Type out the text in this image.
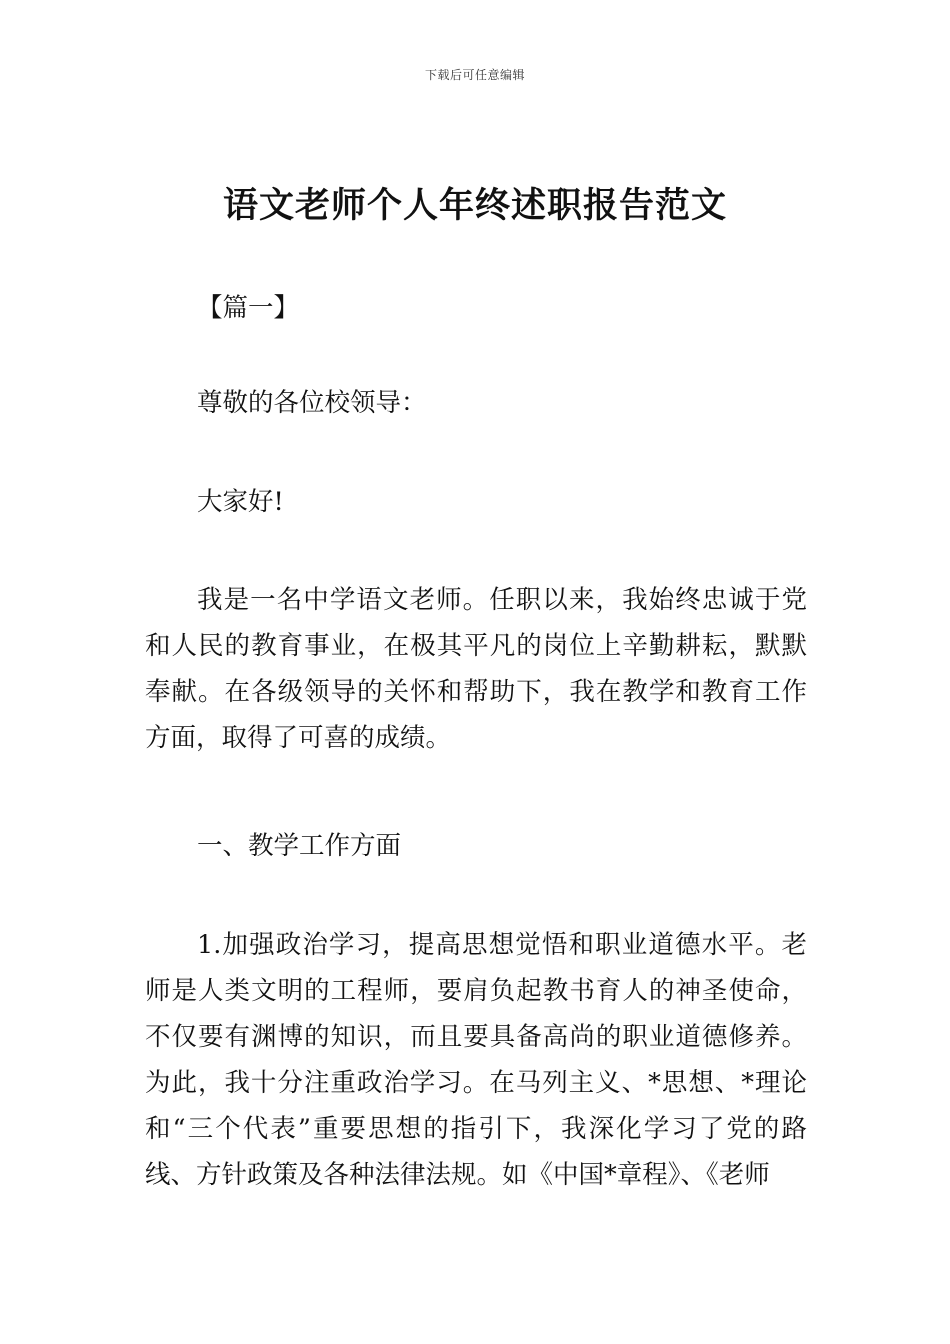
下载后可任意编辑
语文老师个人年终述职报告范文

【篇一】

尊敬的各位校领导：

大家好!

我是一名中学语文老师。任职以来，我始终忠诚于党和人民的教育事业，在极其平凡的岗位上辛勤耕耘，默默奉献。在各级领导的关怀和帮助下，我在教学和教育工作方面，取得了可喜的成绩。

一、教学工作方面

1.加强政治学习，提高思想觉悟和职业道德水平。老师是人类文明的工程师，要肩负起教书育人的神圣使命，不仅要有渊博的知识，而且要具备高尚的职业道德修养。为此，我十分注重政治学习。在马列主义、*思想、*理论和“三个代表”重要思想的指引下，我深化学习了党的路线、方针政策及各种法律法规。如《中国*章程》、《老师
